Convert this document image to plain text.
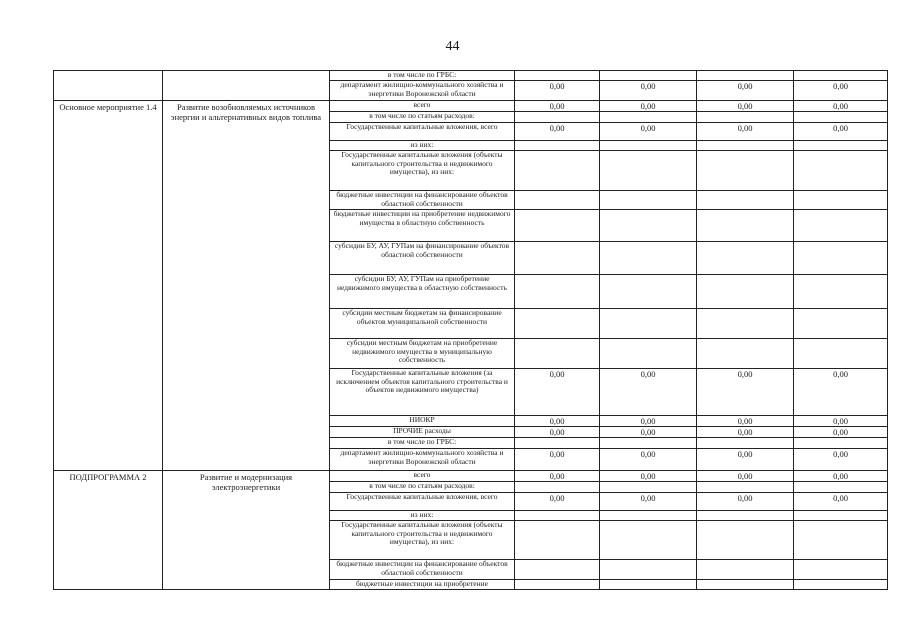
44
		в том числе по ГРБС:				
		департамент жилищно-коммунального хозяйства и энергетики Воронежской области	0,00	0,00	0,00	0,00
Основное мероприятие 1.4	Развитие возобновляемых источников энергии и альтернативных видов топлива	всего	0,00	0,00	0,00	0,00
		в том числе по статьям расходов:				
		Государственные капитальные вложения, всего	0,00	0,00	0,00	0,00
		из них:				
		Государственные капитальные вложения (объекты капитального строительства и недвижимого имущества), из них:				
		бюджетные инвестиции на финансирование объектов областной собственности				
		бюджетные инвестиции на приобретение недвижимого имущества в областную собственность				
		субсидии БУ, АУ, ГУПам на финансирование объектов областной собственности				
		субсидии БУ, АУ, ГУПам на приобретение недвижимого имущества в областную собственность				
		субсидии местным бюджетам на финансирование объектов муниципальной собственности				
		субсидии местным бюджетам на приобретение недвижимого имущества в муниципальную собственность				
		Государственные капитальные вложения (за исключением объектов капитального строительства и объектов недвижимого имущества)	0,00	0,00	0,00	0,00
		НИОКР	0,00	0,00	0,00	0,00
		ПРОЧИЕ расходы	0,00	0,00	0,00	0,00
		в том числе по ГРБС:				
		департамент жилищно-коммунального хозяйства и энергетики Воронежской области	0,00	0,00	0,00	0,00
ПОДПРОГРАММА 2	Развитие и модернизация электроэнергетики	всего	0,00	0,00	0,00	0,00
		в том числе по статьям расходов:				
		Государственные капитальные вложения, всего	0,00	0,00	0,00	0,00
		из них:				
		Государственные капитальные вложения (объекты капитального строительства и недвижимого имущества), из них:				
		бюджетные инвестиции на финансирование объектов областной собственности				
		бюджетные инвестиции на приобретение				
